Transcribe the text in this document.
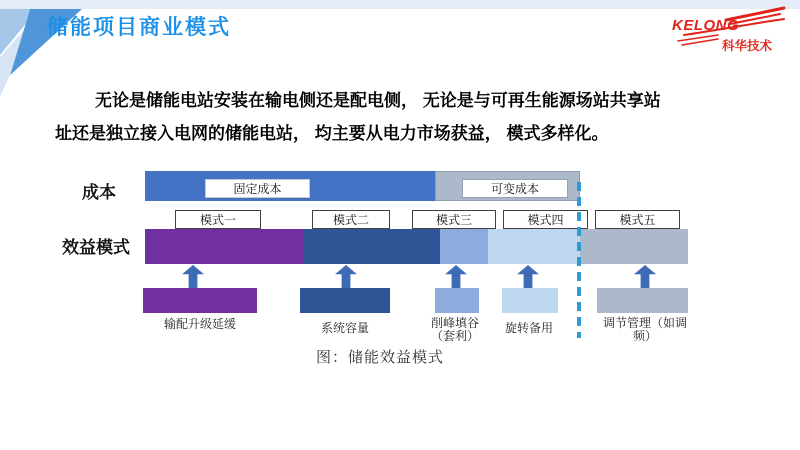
储能项目商业模式	KELONG
科华技术
无论是储能电站安装在输电侧还是配电侧， 无论是与可再生能源场站共享站
址还是独立接入电网的储能电站， 均主要从电力市场获益， 模式多样化。
成本	固定成本	可变成本
效益模式
模式一	模式二	模式三	模式四	模式五
输配升级延缓	系统容量	削峰填谷
（套利）
旋转备用	调节管理（如调
频）
图：储能效益模式
